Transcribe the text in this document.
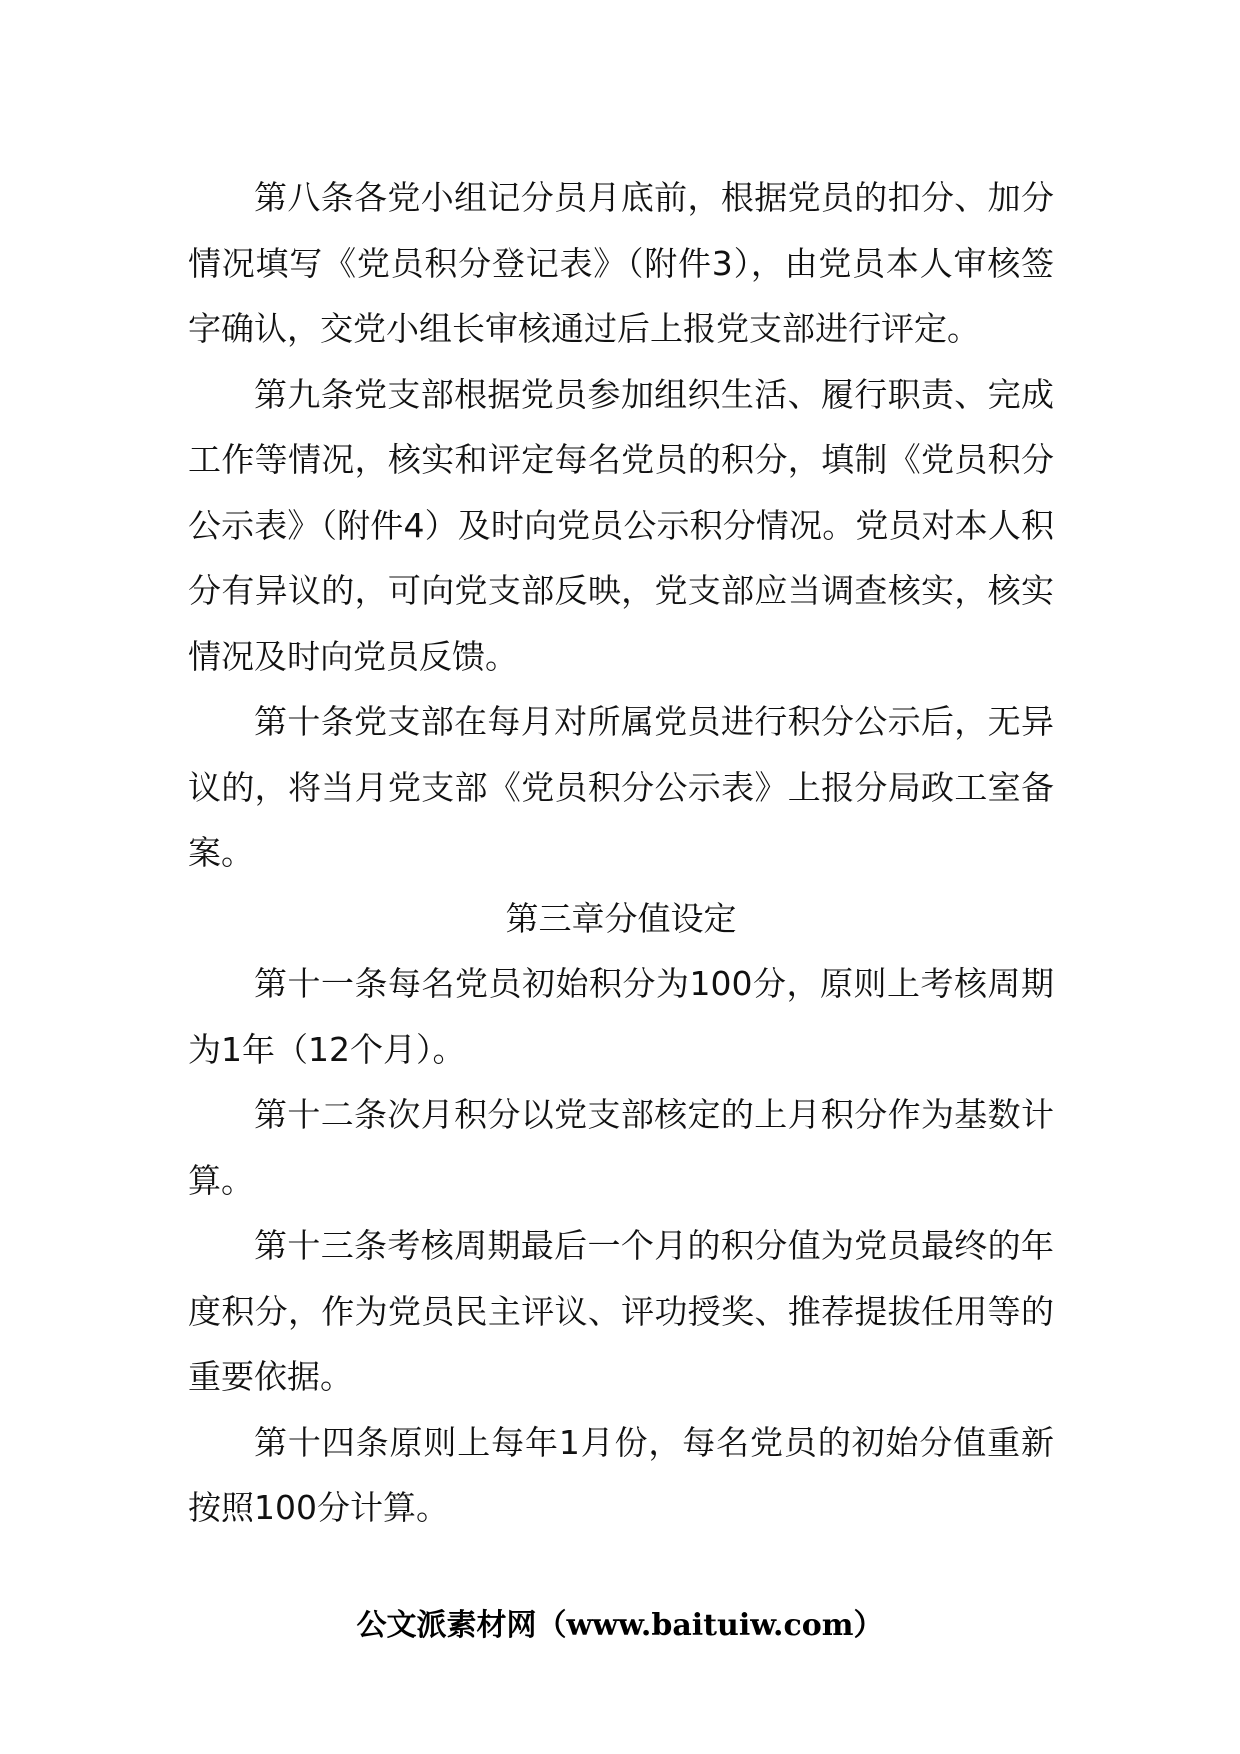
第八条各党小组记分员月底前，根据党员的扣分、加分情况填写《党员积分登记表》（附件3），由党员本人审核签字确认，交党小组长审核通过后上报党支部进行评定。

第九条党支部根据党员参加组织生活、履行职责、完成工作等情况，核实和评定每名党员的积分，填制《党员积分公示表》（附件4）及时向党员公示积分情况。党员对本人积分有异议的，可向党支部反映，党支部应当调查核实，核实情况及时向党员反馈。

第十条党支部在每月对所属党员进行积分公示后，无异议的，将当月党支部《党员积分公示表》上报分局政工室备案。

第三章分值设定

第十一条每名党员初始积分为100分，原则上考核周期为1年（12个月）。

第十二条次月积分以党支部核定的上月积分作为基数计算。

第十三条考核周期最后一个月的积分值为党员最终的年度积分，作为党员民主评议、评功授奖、推荐提拔任用等的重要依据。

第十四条原则上每年1月份，每名党员的初始分值重新按照100分计算。

公文派素材网（www.baituiw.com）
